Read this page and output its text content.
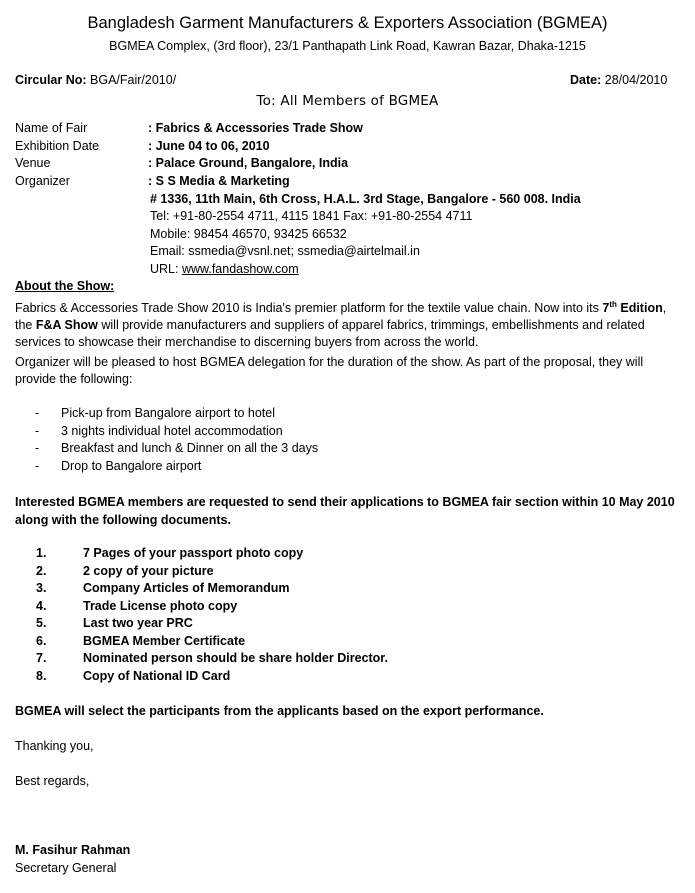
Bangladesh Garment Manufacturers & Exporters Association (BGMEA)
BGMEA Complex, (3rd floor), 23/1 Panthapath Link Road, Kawran Bazar, Dhaka-1215
Circular No: BGA/Fair/2010/	Date: 28/04/2010
To: All Members of BGMEA
Name of Fair	: Fabrics & Accessories Trade Show
Exhibition Date	: June 04 to 06, 2010
Venue	: Palace Ground, Bangalore, India
Organizer	: S S Media & Marketing
# 1336, 11th Main, 6th Cross, H.A.L. 3rd Stage, Bangalore - 560 008. India
Tel: +91-80-2554 4711, 4115 1841 Fax: +91-80-2554 4711
Mobile: 98454 46570, 93425 66532
Email: ssmedia@vsnl.net; ssmedia@airtelmail.in
URL: www.fandashow.com
About the Show:
Fabrics & Accessories Trade Show 2010 is India's premier platform for the textile value chain. Now into its 7th Edition, the F&A Show will provide manufacturers and suppliers of apparel fabrics, trimmings, embellishments and related services to showcase their merchandise to discerning buyers from across the world.
Organizer will be pleased to host BGMEA delegation for the duration of the show. As part of the proposal, they will provide the following:
- Pick-up from Bangalore airport to hotel
- 3 nights individual hotel accommodation
- Breakfast and lunch & Dinner on all the 3 days
- Drop to Bangalore airport
Interested BGMEA members are requested to send their applications to BGMEA fair section within 10 May 2010 along with the following documents.
1.	7 Pages of your passport photo copy
2.	2 copy of your picture
3.	Company Articles of Memorandum
4.	Trade License photo copy
5.	Last two year PRC
6.	BGMEA Member Certificate
7.	Nominated person should be share holder Director.
8.	Copy of National ID Card
BGMEA will select the participants from the applicants based on the export performance.
Thanking you,
Best regards,
M. Fasihur Rahman
Secretary General
